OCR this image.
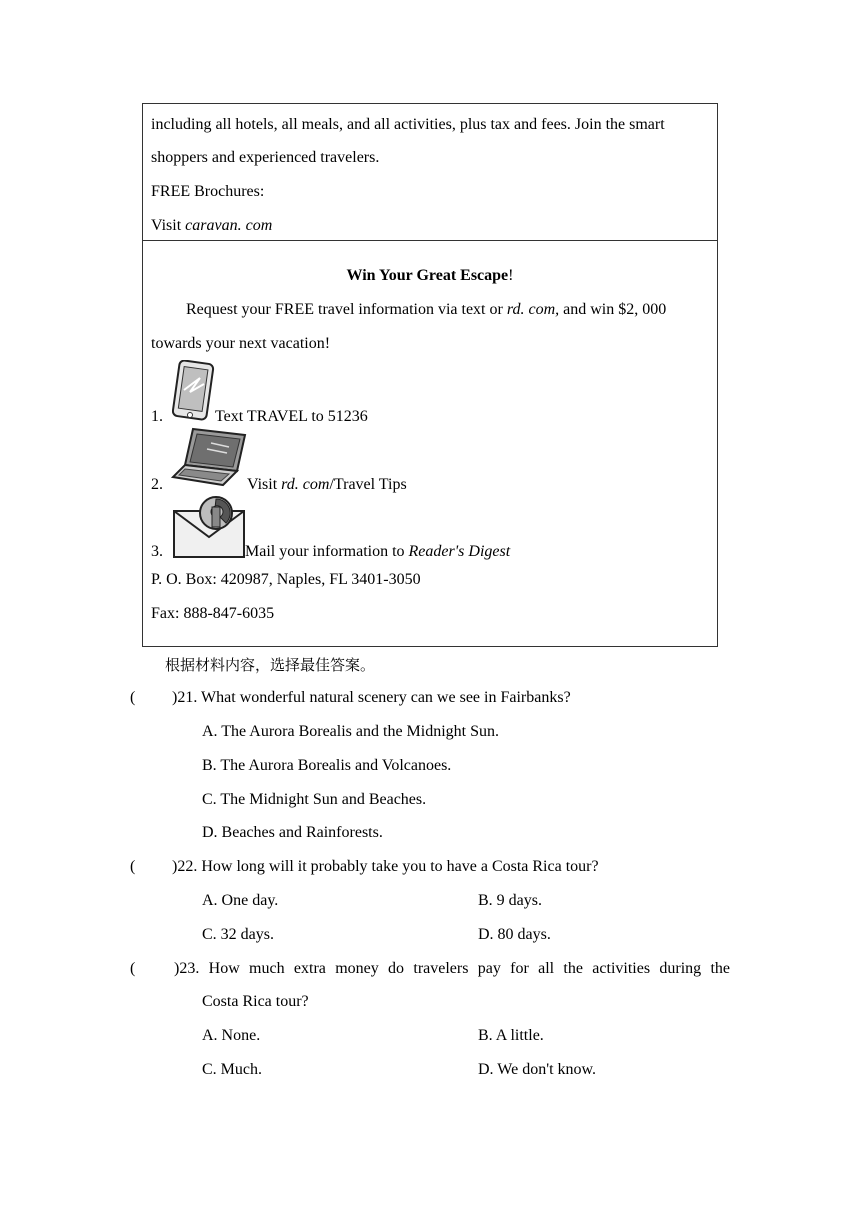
including all hotels, all meals, and all activities, plus tax and fees. Join the smart
shoppers and experienced travelers.
FREE Brochures:
Visit caravan. com
Win Your Great Escape!
Request your FREE travel information via text or rd. com, and win $2, 000
towards your next vacation!
1.	Text TRAVEL to 51236
2.	Visit rd. com/Travel Tips
3.	Mail your information to Reader's Digest
P. O. Box: 420987, Naples, FL 3401-3050
Fax: 888-847-6035
根据材料内容，选择最佳答案。
( )21. What wonderful natural scenery can we see in Fairbanks?
A. The Aurora Borealis and the Midnight Sun.
B. The Aurora Borealis and Volcanoes.
C. The Midnight Sun and Beaches.
D. Beaches and Rainforests.
( )22. How long will it probably take you to have a Costa Rica tour?
A. One day.	B. 9 days.
C. 32 days.	D. 80 days.
( )23. How much extra money do travelers pay for all the activities during the
Costa Rica tour?
A. None.	B. A little.
C. Much.	D. We don't know.
